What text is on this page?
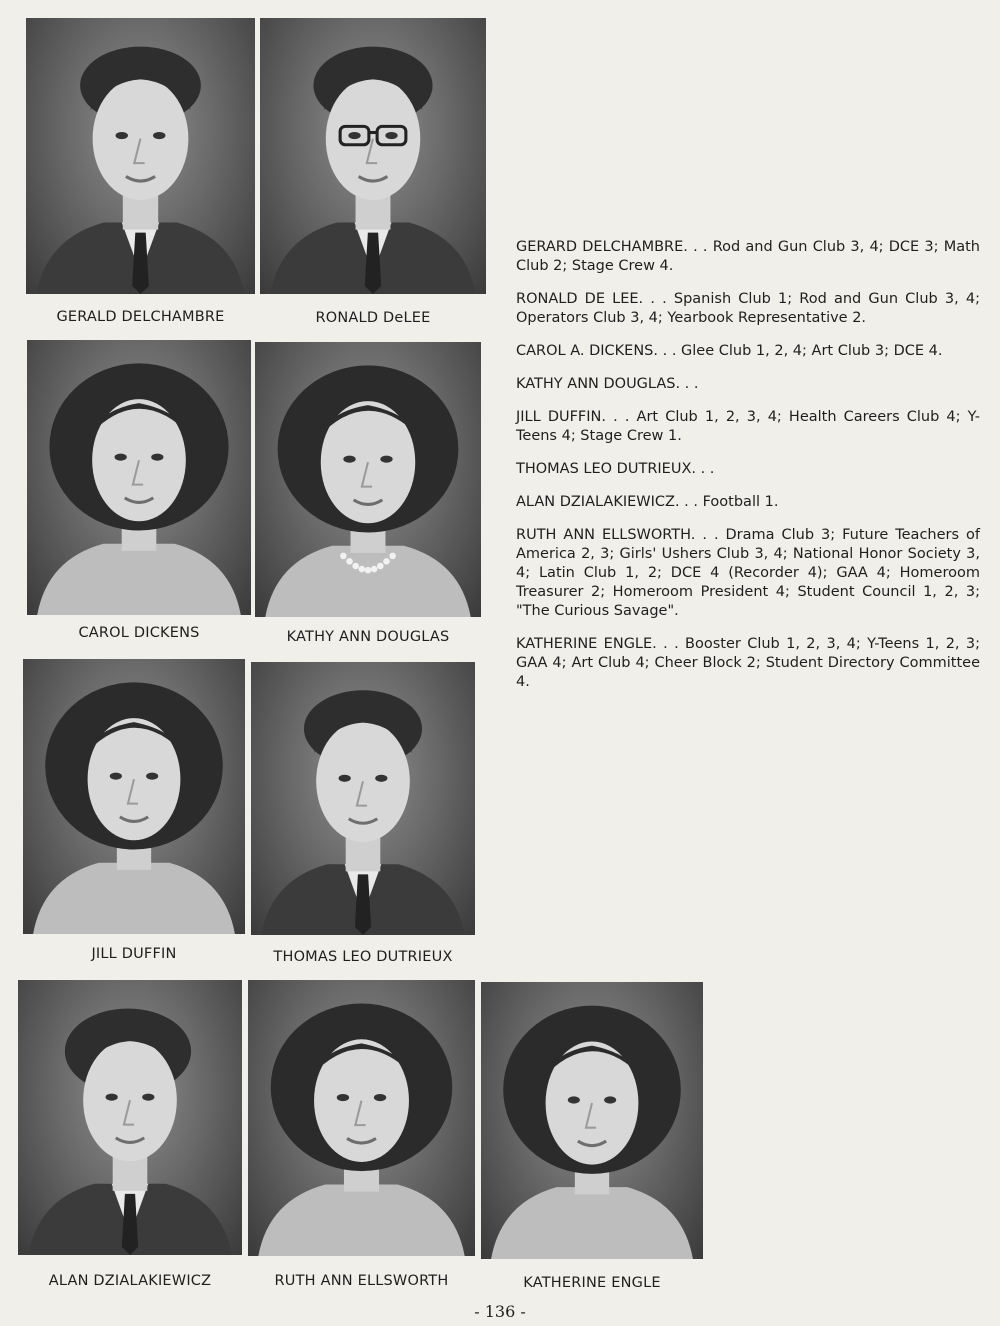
GERALD DELCHAMBRE	RONALD DeLEE
CAROL DICKENS	KATHY ANN DOUGLAS
JILL DUFFIN	THOMAS LEO DUTRIEUX
ALAN DZIALAKIEWICZ	RUTH ANN ELLSWORTH	KATHERINE ENGLE

GERARD DELCHAMBRE. . . Rod and Gun Club 3, 4; DCE 3; Math Club 2; Stage Crew 4.

RONALD DE LEE. . . Spanish Club 1; Rod and Gun Club 3, 4; Operators Club 3, 4; Yearbook Representative 2.

CAROL A. DICKENS. . . Glee Club 1, 2, 4; Art Club 3; DCE 4.

KATHY ANN DOUGLAS. . .

JILL DUFFIN. . . Art Club 1, 2, 3, 4; Health Careers Club 4; Y-Teens 4; Stage Crew 1.

THOMAS LEO DUTRIEUX. . .

ALAN DZIALAKIEWICZ. . . Football 1.

RUTH ANN ELLSWORTH. . . Drama Club 3; Future Teachers of America 2, 3; Girls' Ushers Club 3, 4; National Honor Society 3, 4; Latin Club 1, 2; DCE 4 (Recorder 4); GAA 4; Homeroom Treasurer 2; Homeroom President 4; Student Council 1, 2, 3; "The Curious Savage".

KATHERINE ENGLE. . . Booster Club 1, 2, 3, 4; Y-Teens 1, 2, 3; GAA 4; Art Club 4; Cheer Block 2; Student Directory Committee 4.

- 136 -
